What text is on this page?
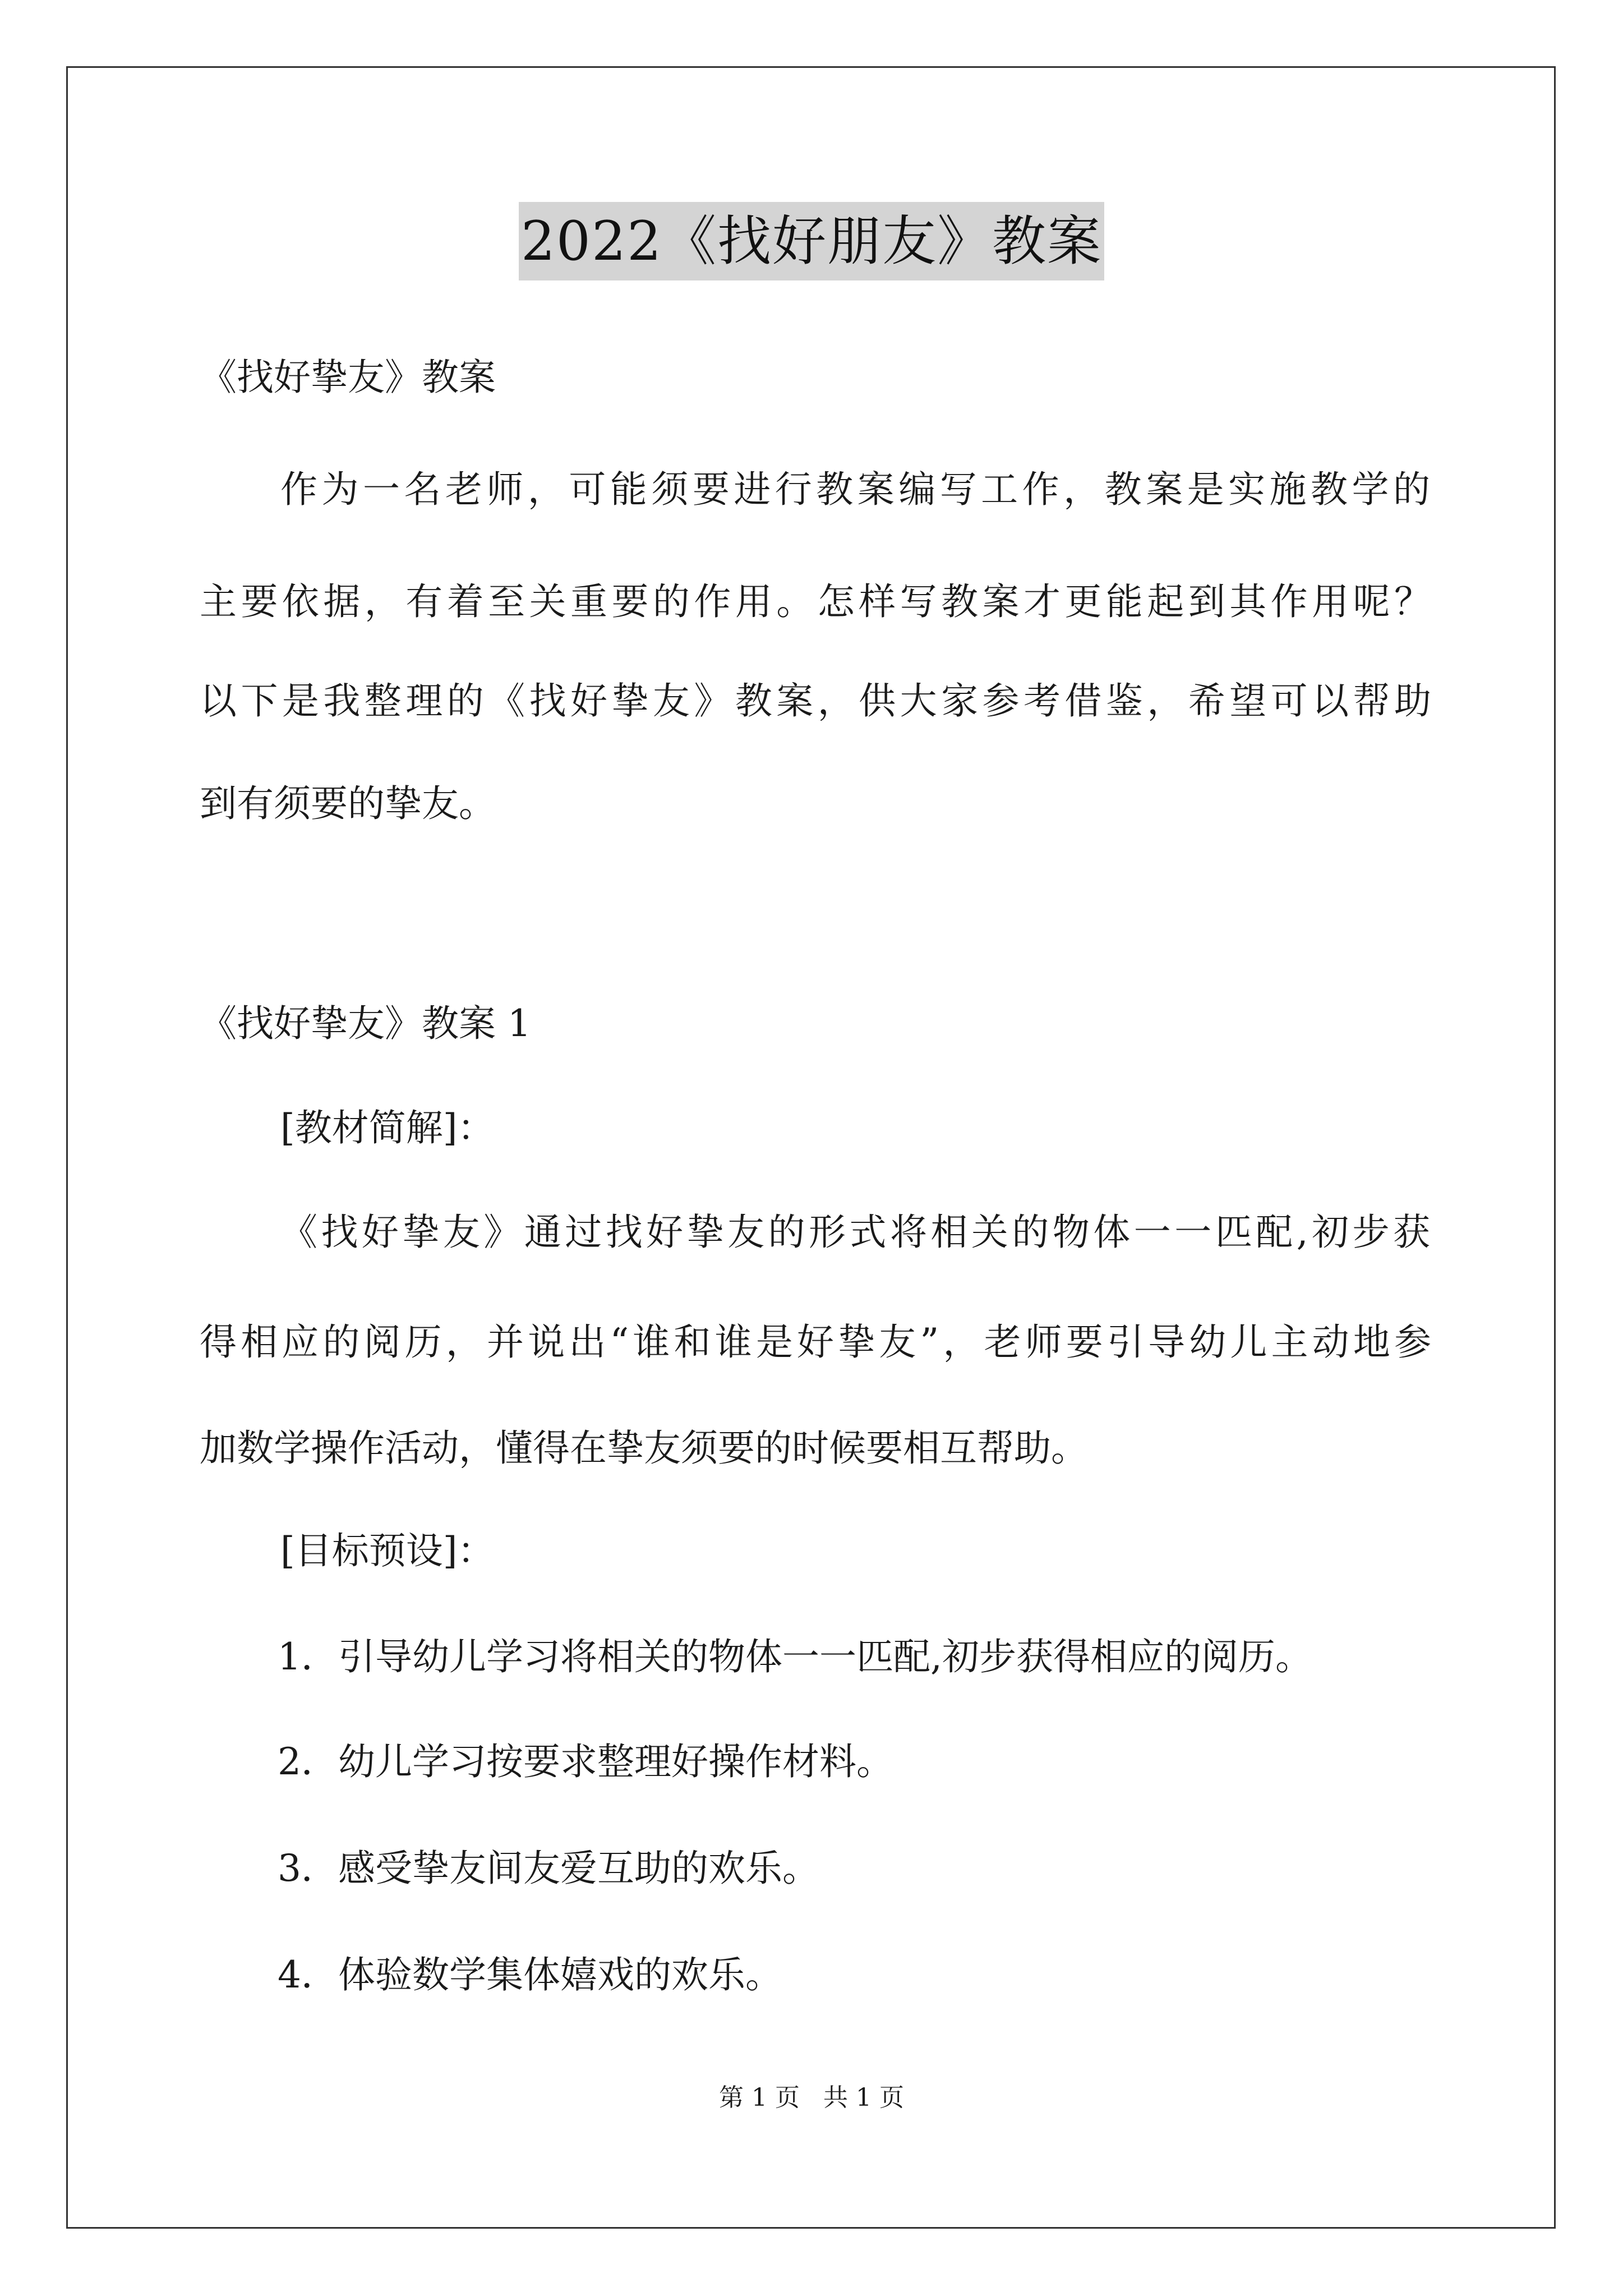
2022《找好朋友》教案
《找好挚友》教案
作为一名老师，可能须要进行教案编写工作，教案是实施教学的
主要依据，有着至关重要的作用。怎样写教案才更能起到其作用呢？
以下是我整理的《找好挚友》教案，供大家参考借鉴，希望可以帮助
到有须要的挚友。
《找好挚友》教案 1
[教材简解]：
《找好挚友》通过找好挚友的形式将相关的物体一一匹配,初步获
得相应的阅历，并说出“谁和谁是好挚友”，老师要引导幼儿主动地参
加数学操作活动，懂得在挚友须要的时候要相互帮助。
[目标预设]：
1．引导幼儿学习将相关的物体一一匹配,初步获得相应的阅历。
2．幼儿学习按要求整理好操作材料。
3．感受挚友间友爱互助的欢乐。
4．体验数学集体嬉戏的欢乐。
第 1 页   共 1 页
